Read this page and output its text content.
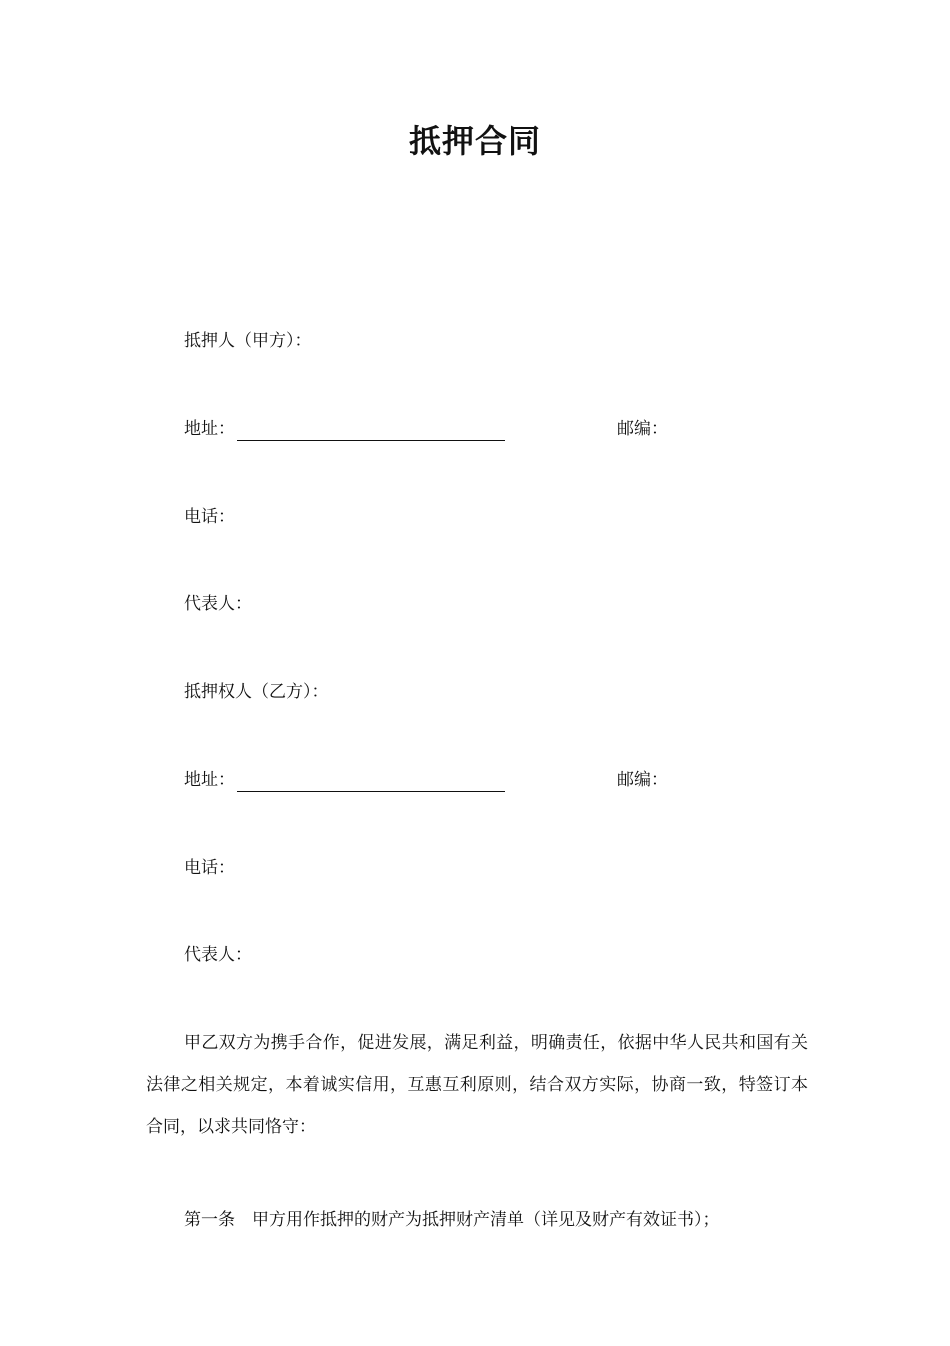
抵押合同
抵押人（甲方）：
地址：	邮编：
电话：
代表人：
抵押权人（乙方）：
地址：	邮编：
电话：
代表人：
甲乙双方为携手合作，促进发展，满足利益，明确责任，依据中华人民共和国有关法律之相关规定，本着诚实信用，互惠互利原则，结合双方实际，协商一致，特签订本合同，以求共同恪守：
第一条　甲方用作抵押的财产为抵押财产清单（详见及财产有效证书）；
